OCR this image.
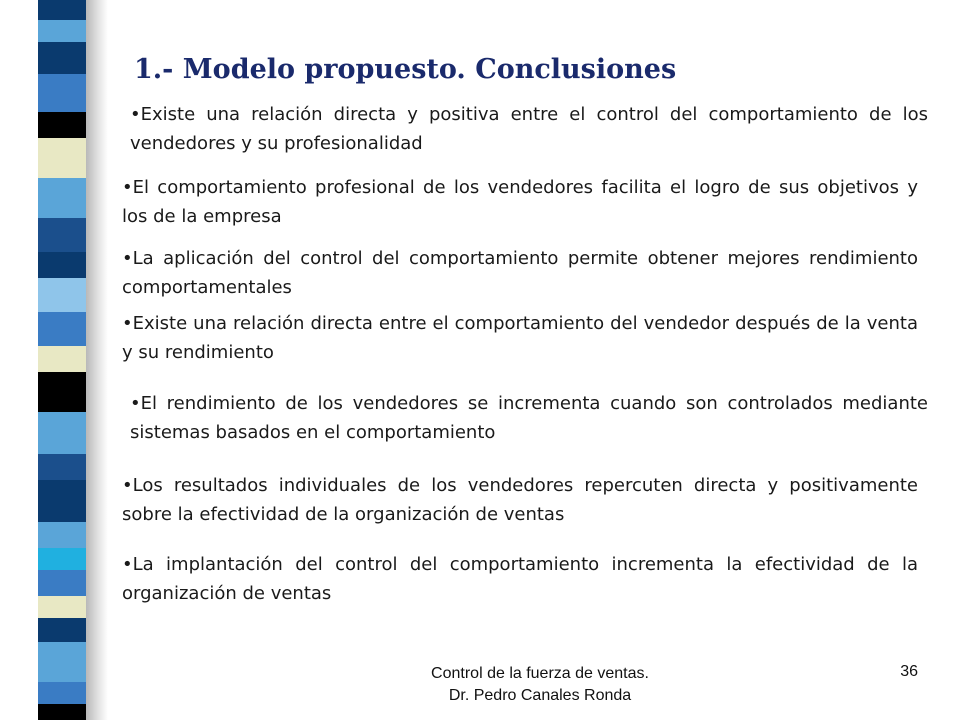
1.- Modelo propuesto. Conclusiones

•Existe una relación directa y positiva entre el control del comportamiento de los vendedores y su profesionalidad

•El comportamiento profesional de los vendedores facilita el logro de sus objetivos y los de la empresa

•La aplicación del control del comportamiento permite obtener mejores rendimiento comportamentales

•Existe una relación directa entre el comportamiento del vendedor después de la venta y su rendimiento

•El rendimiento de los vendedores se incrementa cuando son controlados mediante sistemas basados en el comportamiento

•Los resultados individuales de los vendedores repercuten directa y positivamente sobre la efectividad de la organización de ventas

•La implantación del control del comportamiento incrementa la efectividad de la organización de ventas

Control de la fuerza de ventas.
Dr. Pedro Canales Ronda
36
